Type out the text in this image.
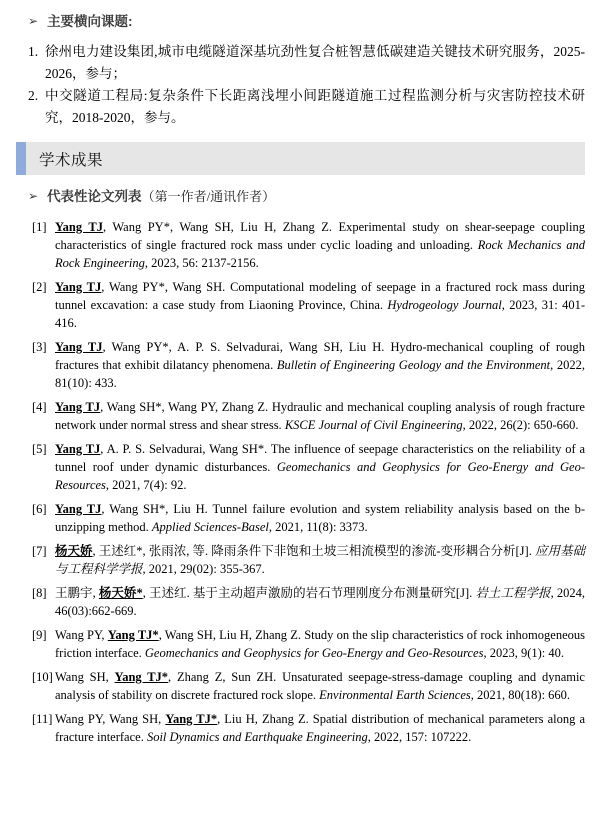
➢ 主要横向课题:
1. 徐州电力建设集团,城市电缆隧道深基坑劲性复合桩智慧低碳建造关键技术研究服务，2025-2026，参与；
2. 中交隧道工程局:复杂条件下长距离浅埋小间距隧道施工过程监测分析与灾害防控技术研究，2018-2020，参与。
学术成果
➢ 代表性论文列表 （第一作者/通讯作者）
[1] Yang TJ, Wang PY*, Wang SH, Liu H, Zhang Z. Experimental study on shear-seepage coupling characteristics of single fractured rock mass under cyclic loading and unloading. Rock Mechanics and Rock Engineering, 2023, 56: 2137-2156.
[2] Yang TJ, Wang PY*, Wang SH. Computational modeling of seepage in a fractured rock mass during tunnel excavation: a case study from Liaoning Province, China. Hydrogeology Journal, 2023, 31: 401-416.
[3] Yang TJ, Wang PY*, A. P. S. Selvadurai, Wang SH, Liu H. Hydro-mechanical coupling of rough fractures that exhibit dilatancy phenomena. Bulletin of Engineering Geology and the Environment, 2022, 81(10): 433.
[4] Yang TJ, Wang SH*, Wang PY, Zhang Z. Hydraulic and mechanical coupling analysis of rough fracture network under normal stress and shear stress. KSCE Journal of Civil Engineering, 2022, 26(2): 650-660.
[5] Yang TJ, A. P. S. Selvadurai, Wang SH*. The influence of seepage characteristics on the reliability of a tunnel roof under dynamic disturbances. Geomechanics and Geophysics for Geo-Energy and Geo-Resources, 2021, 7(4): 92.
[6] Yang TJ, Wang SH*, Liu H. Tunnel failure evolution and system reliability analysis based on the b-unzipping method. Applied Sciences-Basel, 2021, 11(8): 3373.
[7] 杨天娇, 王述红*, 张雨浓, 等. 降雨条件下非饱和土坡三相流模型的渗流-变形耦合分析[J]. 应用基础与工程科学学报, 2021, 29(02): 355-367.
[8] 王鹏宇, 杨天娇*, 王述红. 基于主动超声激励的岩石节理刚度分布测量研究[J]. 岩土工程学报, 2024, 46(03):662-669.
[9] Wang PY, Yang TJ*, Wang SH, Liu H, Zhang Z. Study on the slip characteristics of rock inhomogeneous friction interface. Geomechanics and Geophysics for Geo-Energy and Geo-Resources, 2023, 9(1): 40.
[10] Wang SH, Yang TJ*, Zhang Z, Sun ZH. Unsaturated seepage-stress-damage coupling and dynamic analysis of stability on discrete fractured rock slope. Environmental Earth Sciences, 2021, 80(18): 660.
[11] Wang PY, Wang SH, Yang TJ*, Liu H, Zhang Z. Spatial distribution of mechanical parameters along a fracture interface. Soil Dynamics and Earthquake Engineering, 2022, 157: 107222.
